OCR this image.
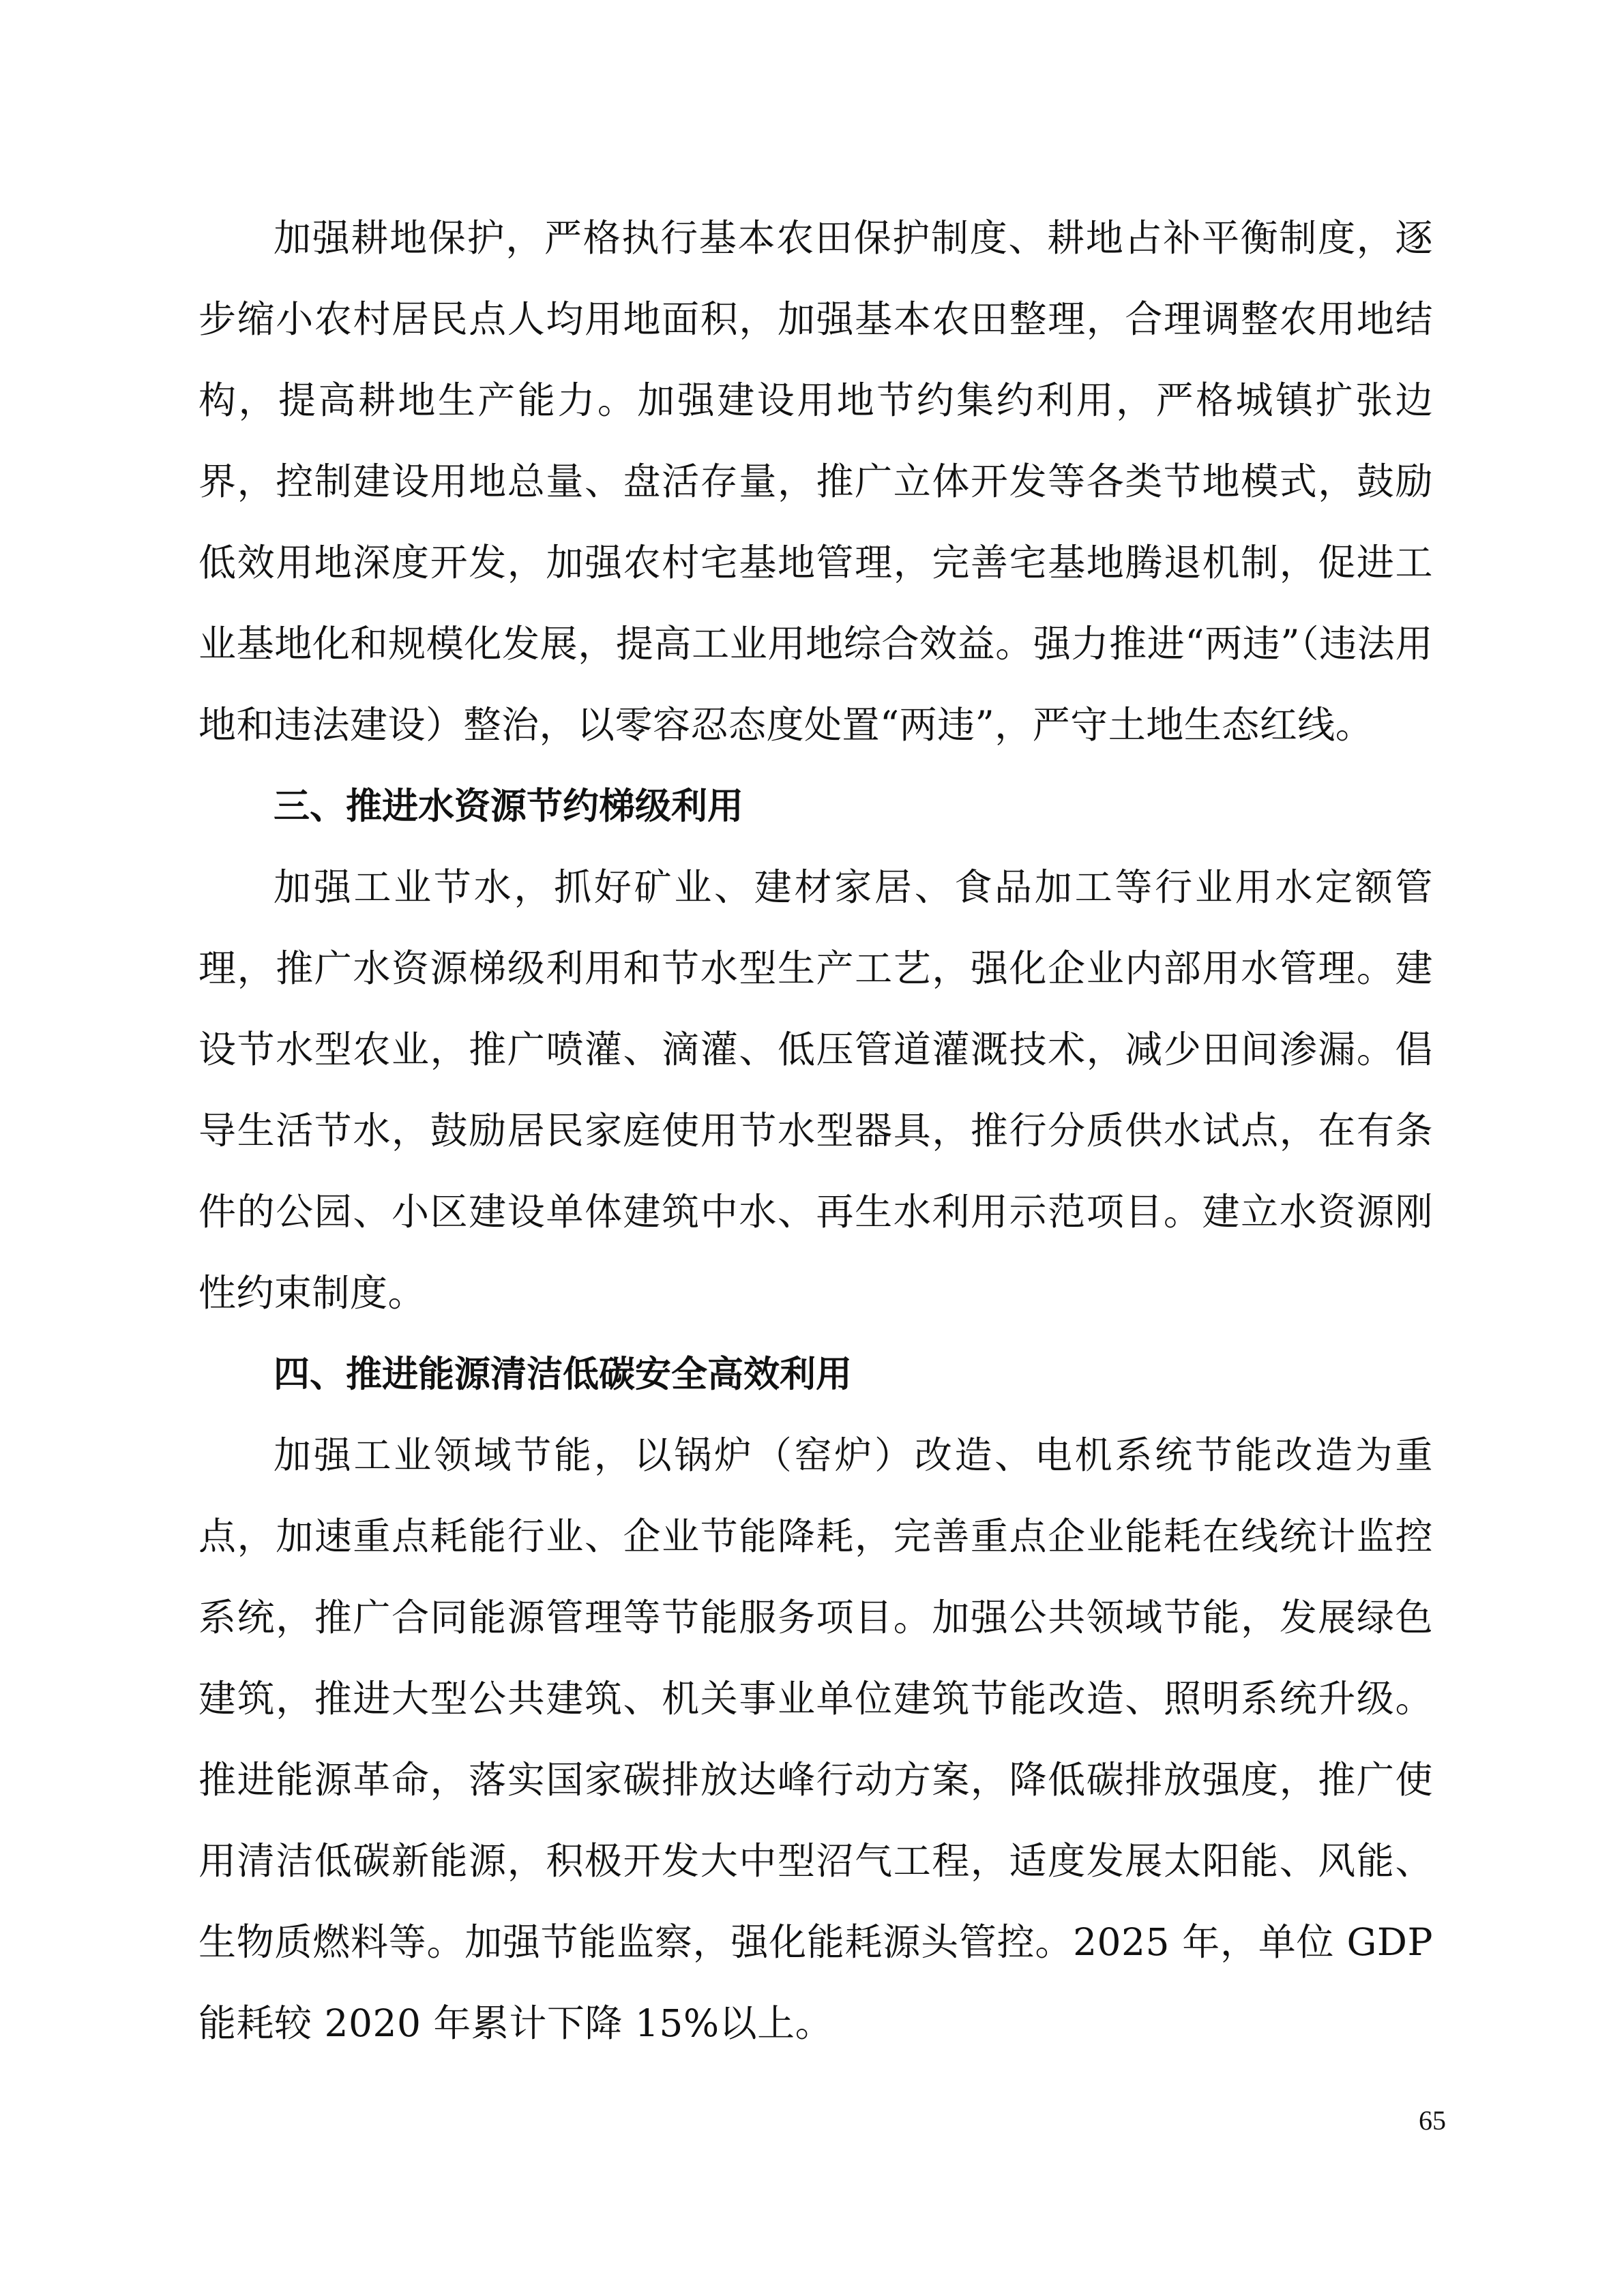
加强耕地保护，严格执行基本农田保护制度、耕地占补平衡制度，逐步缩小农村居民点人均用地面积，加强基本农田整理，合理调整农用地结构，提高耕地生产能力。加强建设用地节约集约利用，严格城镇扩张边界，控制建设用地总量、盘活存量，推广立体开发等各类节地模式，鼓励低效用地深度开发，加强农村宅基地管理，完善宅基地腾退机制，促进工业基地化和规模化发展，提高工业用地综合效益。强力推进“两违”（违法用地和违法建设）整治，以零容忍态度处置“两违”，严守土地生态红线。

三、推进水资源节约梯级利用

加强工业节水，抓好矿业、建材家居、食品加工等行业用水定额管理，推广水资源梯级利用和节水型生产工艺，强化企业内部用水管理。建设节水型农业，推广喷灌、滴灌、低压管道灌溉技术，减少田间渗漏。倡导生活节水，鼓励居民家庭使用节水型器具，推行分质供水试点，在有条件的公园、小区建设单体建筑中水、再生水利用示范项目。建立水资源刚性约束制度。

四、推进能源清洁低碳安全高效利用

加强工业领域节能，以锅炉（窑炉）改造、电机系统节能改造为重点，加速重点耗能行业、企业节能降耗，完善重点企业能耗在线统计监控系统，推广合同能源管理等节能服务项目。加强公共领域节能，发展绿色建筑，推进大型公共建筑、机关事业单位建筑节能改造、照明系统升级。推进能源革命，落实国家碳排放达峰行动方案，降低碳排放强度，推广使用清洁低碳新能源，积极开发大中型沼气工程，适度发展太阳能、风能、生物质燃料等。加强节能监察，强化能耗源头管控。2025 年，单位 GDP 能耗较 2020 年累计下降 15%以上。

65
